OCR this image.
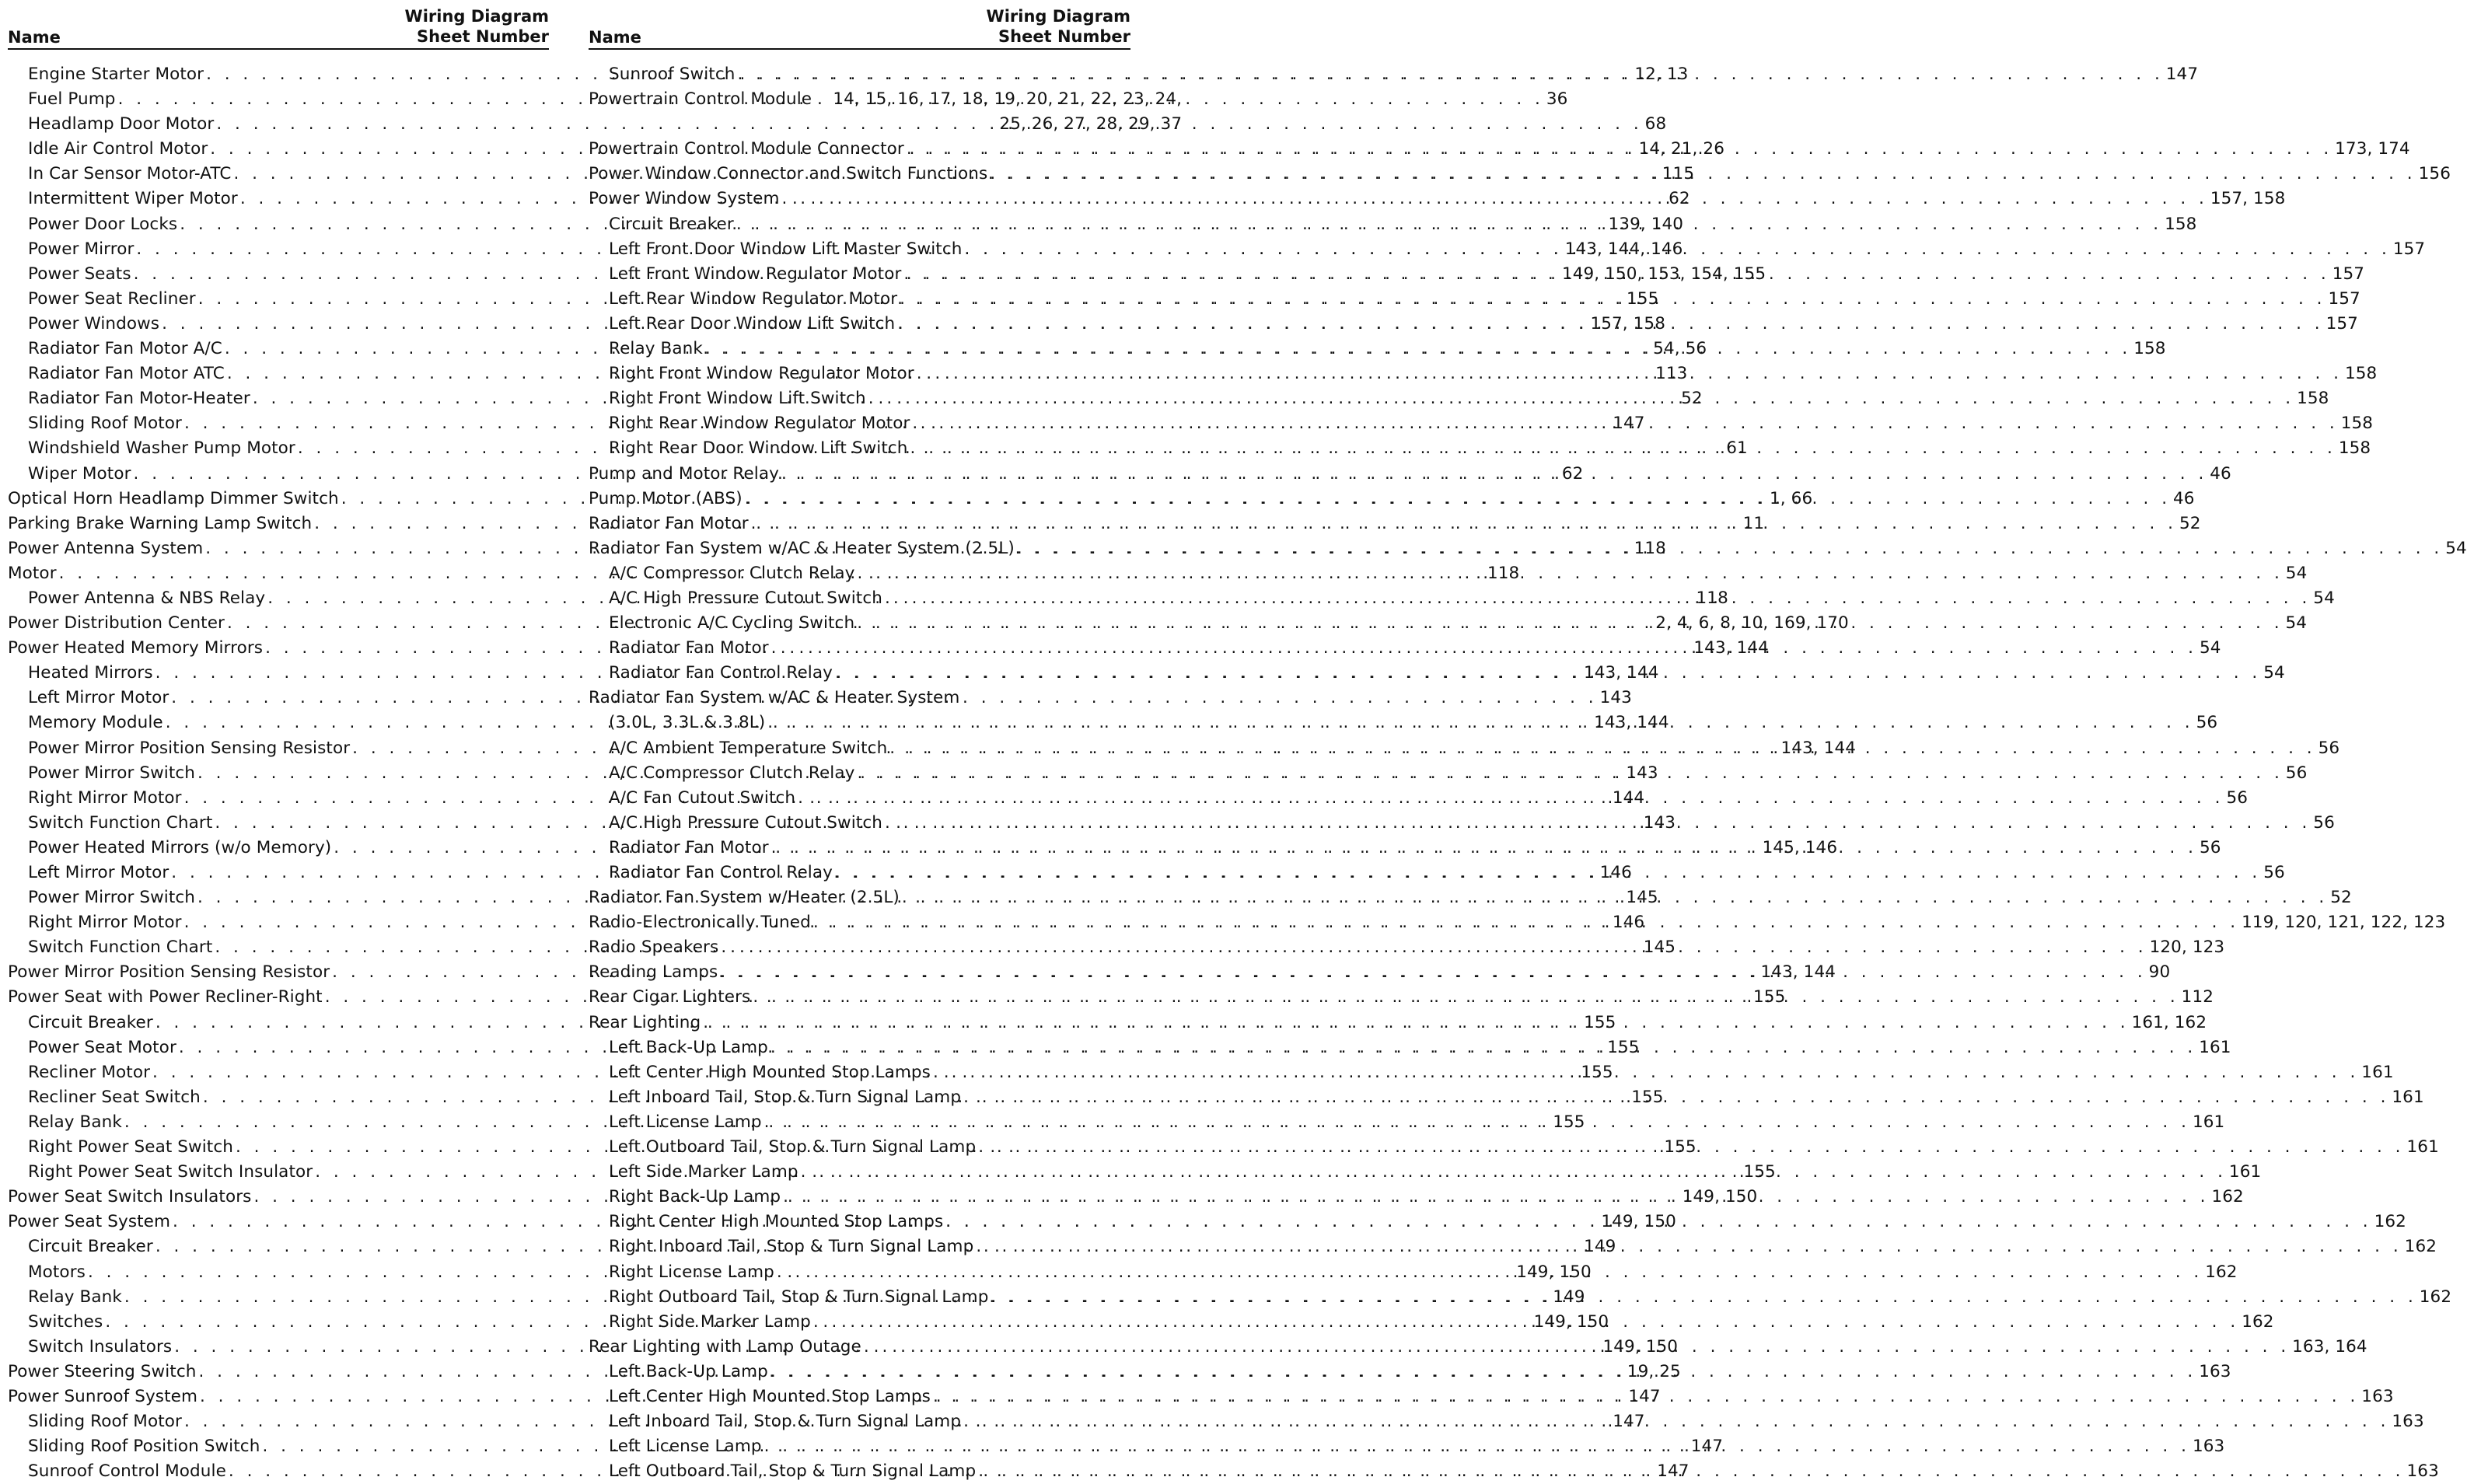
Name
Wiring Diagram
Sheet Number
Engine Starter Motor . . .	12, 13
Fuel Pump . . .	36
Headlamp Door Motor . . .	68
Idle Air Control Motor . . .	14, 21, 26
In Car Sensor Motor-ATC . . .	115
Intermittent Wiper Motor . . .	62
Power Door Locks . . .	139, 140
Power Mirror . . .	143, 144, 146
Power Seats . . .	149, 150, 153, 154, 155
Power Seat Recliner . . .	155
Power Windows . . .	157, 158
Radiator Fan Motor A/C . . .	54, 56
Radiator Fan Motor ATC . . .	113
Radiator Fan Motor-Heater . . .	52
Sliding Roof Motor . . .	147
Windshield Washer Pump Motor . . .	61
Wiper Motor . . .	62
Optical Horn Headlamp Dimmer Switch . . .	1, 66
Parking Brake Warning Lamp Switch . . .	11
Power Antenna System . . .	118
Motor . . .	118
Power Antenna & NBS Relay . . .	118
Power Distribution Center . . .	2, 4, 6, 8, 10, 169, 170
Power Heated Memory Mirrors . . .	143, 144
Heated Mirrors . . .	143, 144
Left Mirror Motor . . .	143
Memory Module . . .	143, 144
Power Mirror Position Sensing Resistor . . .	143, 144
Power Mirror Switch . . .	143
Right Mirror Motor . . .	144
Switch Function Chart . . .	143
Power Heated Mirrors (w/o Memory) . . .	145, 146
Left Mirror Motor . . .	146
Power Mirror Switch . . .	145
Right Mirror Motor . . .	146
Switch Function Chart . . .	145
Power Mirror Position Sensing Resistor . . .	143, 144
Power Seat with Power Recliner-Right . . .	155
Circuit Breaker . . .	155
Power Seat Motor . . .	155
Recliner Motor . . .	155
Recliner Seat Switch . . .	155
Relay Bank . . .	155
Right Power Seat Switch . . .	155
Right Power Seat Switch Insulator . . .	155
Power Seat Switch Insulators . . .	149, 150
Power Seat System . . .	149, 150
Circuit Breaker . . .	149
Motors . . .	149, 150
Relay Bank . . .	149
Switches . . .	149, 150
Switch Insulators . . .	149, 150
Power Steering Switch . . .	19, 25
Power Sunroof System . . .	147
Sliding Roof Motor . . .	147
Sliding Roof Position Switch . . .	147
Sunroof Control Module . . .	147
Name
Wiring Diagram
Sheet Number
Sunroof Switch . . .	147
Powertrain Control Module	14, 15, 16, 17, 18, 19, 20, 21, 22, 23, 24, 25, 26, 27, 28, 29, 37
Powertrain Control Module Connector . . .	173, 174
Power Window Connector and Switch Functions . . .	156
Power Window System . . .	157, 158
Circuit Breaker . . .	158
Left Front Door Window Lift Master Switch . . .	157
Left Front Window Regulator Motor . . .	157
Left Rear Window Regulator Motor . . .	157
Left Rear Door Window Lift Switch . . .	157
Relay Bank . . .	158
Right Front Window Regulator Motor . . .	158
Right Front Window Lift Switch . . .	158
Right Rear Window Regulator Motor . . .	158
Right Rear Door Window Lift Switch . . .	158
Pump and Motor Relay . . .	46
Pump Motor (ABS) . . .	46
Radiator Fan Motor . . .	52
Radiator Fan System w/AC & Heater System (2.5L) . . .	54
A/C Compressor Clutch Relay . . .	54
A/C High Pressure Cutout Switch . . .	54
Electronic A/C Cycling Switch . . .	54
Radiator Fan Motor . . .	54
Radiator Fan Control Relay . . .	54
Radiator Fan System w/AC & Heater System
(3.0L, 3.3L & 3.8L) . . .	56
A/C Ambient Temperature Switch . . .	56
A/C Compressor Clutch Relay . . .	56
A/C Fan Cutout Switch . . .	56
A/C High Pressure Cutout Switch . . .	56
Radiator Fan Motor . . .	56
Radiator Fan Control Relay . . .	56
Radiator Fan System w/Heater (2.5L) . . .	52
Radio-Electronically Tuned . . .	119, 120, 121, 122, 123
Radio Speakers . . .	120, 123
Reading Lamps . . .	90
Rear Cigar Lighters . . .	112
Rear Lighting . . .	161, 162
Left Back-Up Lamp . . .	161
Left Center High Mounted Stop Lamps . . .	161
Left Inboard Tail, Stop & Turn Signal Lamp . . .	161
Left License Lamp . . .	161
Left Outboard Tail, Stop & Turn Signal Lamp . . .	161
Left Side Marker Lamp . . .	161
Right Back-Up Lamp . . .	162
Right Center High Mounted Stop Lamps . . .	162
Right Inboard Tail, Stop & Turn Signal Lamp . . .	162
Right License Lamp . . .	162
Right Outboard Tail, Stop & Turn Signal Lamp . . .	162
Right Side Marker Lamp . . .	162
Rear Lighting with Lamp Outage . . .	163, 164
Left Back-Up Lamp . . .	163
Left Center High Mounted Stop Lamps . . .	163
Left Inboard Tail, Stop & Turn Signal Lamp . . .	163
Left License Lamp . . .	163
Left Outboard Tail, Stop & Turn Signal Lamp . . .	163
